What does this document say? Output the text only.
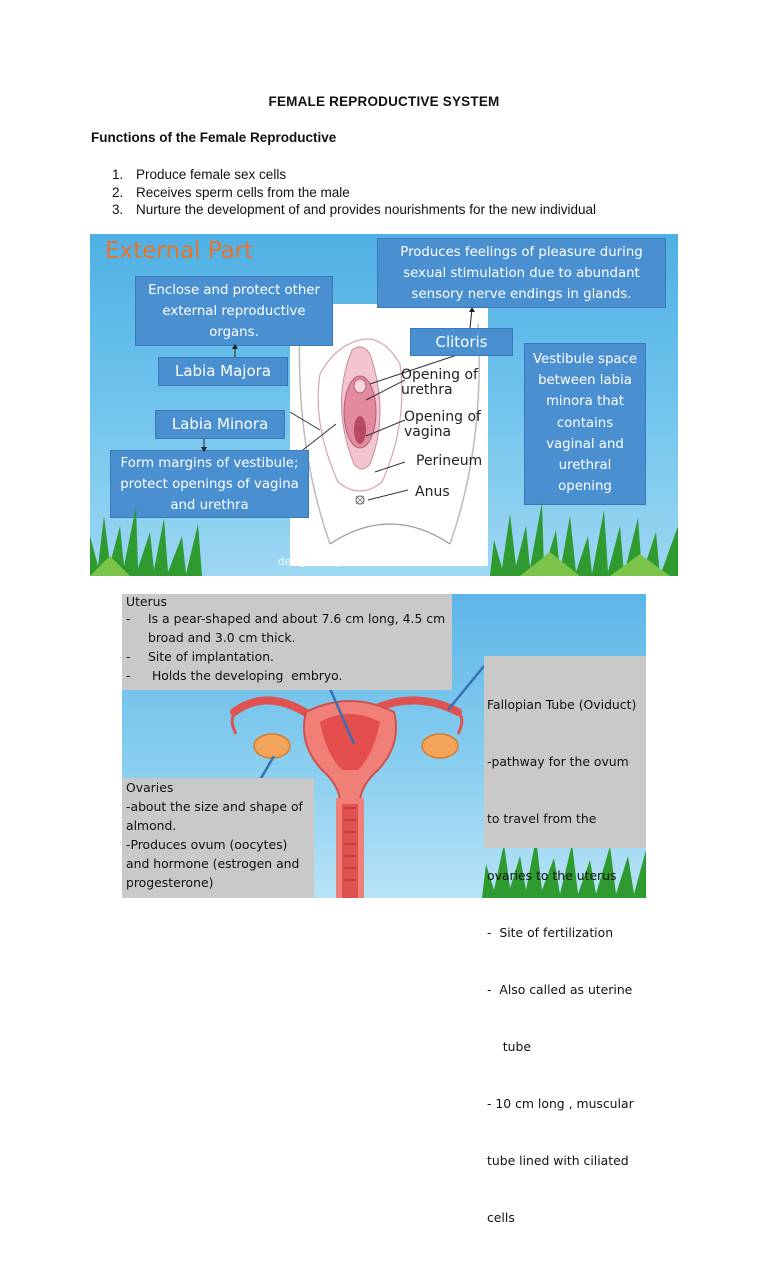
FEMALE REPRODUCTIVE SYSTEM
Functions of the Female Reproductive
1. Produce female sex cells
2. Receives sperm cells from the male
3. Nurture the development of and provides nourishments for the new individual
External Part
Opening of
urethra
Opening of
vagina
Perineum
Anus
Produces feelings of pleasure during
sexual stimulation due to abundant
sensory nerve endings in glands.
Enclose and protect other
external reproductive
organs.
Clitoris
Labia Majora
Labia Minora
Form margins of vestibule;
protect openings of vagina
and urethra
Vestibule space
between labia
minora that
contains
vaginal and
urethral
opening
designed by ❀ freepik.com
Uterus
-	Is a pear-shaped and about 7.6 cm long, 4.5 cm
broad and 3.0 cm thick.
-	Site of implantation.
-	Holds the developing  embryo.

Fallopian Tube (Oviduct)

-pathway for the ovum

to travel from the

ovaries to the uterus

-  Site of fertilization

-  Also called as uterine

tube

- 10 cm long , muscular

tube lined with ciliated

cells

Ovaries
-about the size and shape of
almond.
-Produces ovum (oocytes)
and hormone (estrogen and
progesterone)
